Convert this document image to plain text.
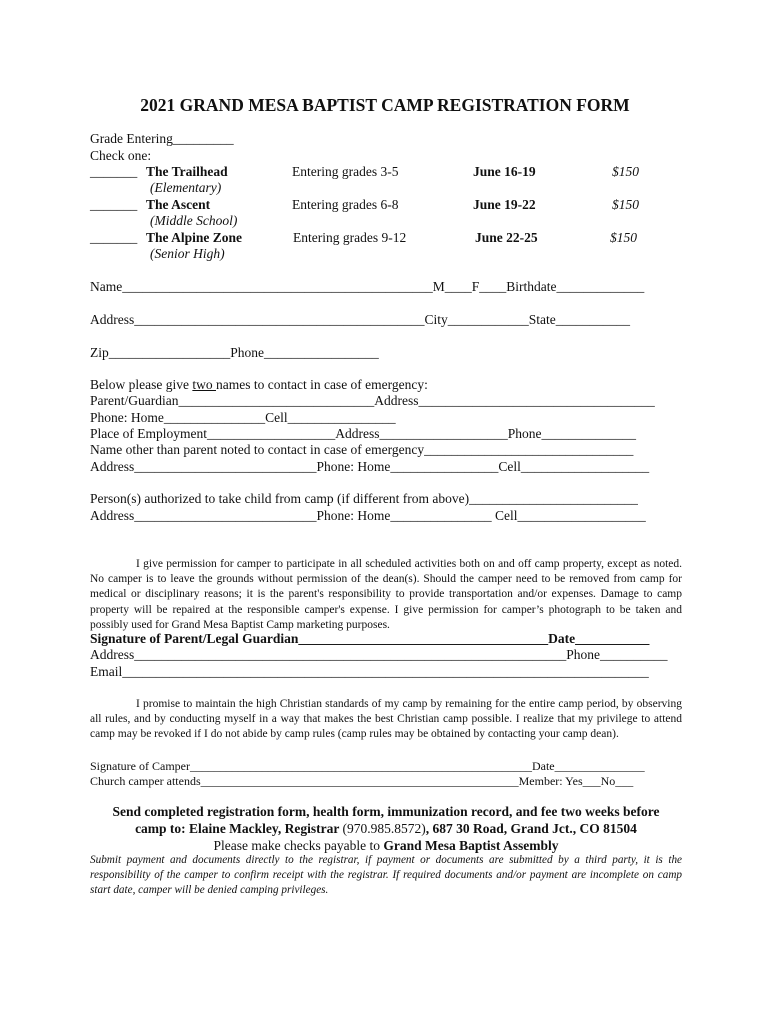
2021 GRAND MESA BAPTIST CAMP REGISTRATION FORM
Grade Entering_________
Check one:
_______ The Trailhead	Entering grades 3-5	June 16-19	$150
(Elementary)
_______ The Ascent	Entering grades 6-8	June 19-22	$150
(Middle School)
_______ The Alpine Zone	Entering grades 9-12	June 22-25	$150
(Senior High)
Name______________________________________________M____F____Birthdate_____________
Address___________________________________________City____________State___________
Zip__________________Phone_________________
Below please give two names to contact in case of emergency:
Parent/Guardian_____________________________Address___________________________________
Phone: Home_______________Cell________________
Place of Employment___________________Address___________________Phone______________
Name other than parent noted to contact in case of emergency_______________________________
Address___________________________Phone: Home________________Cell___________________
Person(s) authorized to take child from camp (if different from above)_________________________
Address___________________________Phone: Home_______________ Cell___________________
I give permission for camper to participate in all scheduled activities both on and off camp property, except as noted. No camper is to leave the grounds without permission of the dean(s). Should the camper need to be removed from camp for medical or disciplinary reasons; it is the parent's responsibility to provide transportation and/or expenses. Damage to camp property will be repaired at the responsible camper's expense. I give permission for camper’s photograph to be taken and possibly used for Grand Mesa Baptist Camp marketing purposes.
Signature of Parent/Legal Guardian_____________________________________Date___________
Address________________________________________________________________Phone__________
Email______________________________________________________________________________
I promise to maintain the high Christian standards of my camp by remaining for the entire camp period, by observing all rules, and by conducting myself in a way that makes the best Christian camp possible. I realize that my privilege to attend camp may be revoked if I do not abide by camp rules (camp rules may be obtained by contacting your camp dean).
Signature of Camper_________________________________________________________Date_______________
Church camper attends_____________________________________________________Member: Yes___No___
Send completed registration form, health form, immunization record, and fee two weeks before
camp to: Elaine Mackley, Registrar (970.985.8572), 687 30 Road, Grand Jct., CO 81504
Please make checks payable to Grand Mesa Baptist Assembly
Submit payment and documents directly to the registrar, if payment or documents are submitted by a third party, it is the responsibility of the camper to confirm receipt with the registrar. If required documents and/or payment are incomplete on camp start date, camper will be denied camping privileges.
